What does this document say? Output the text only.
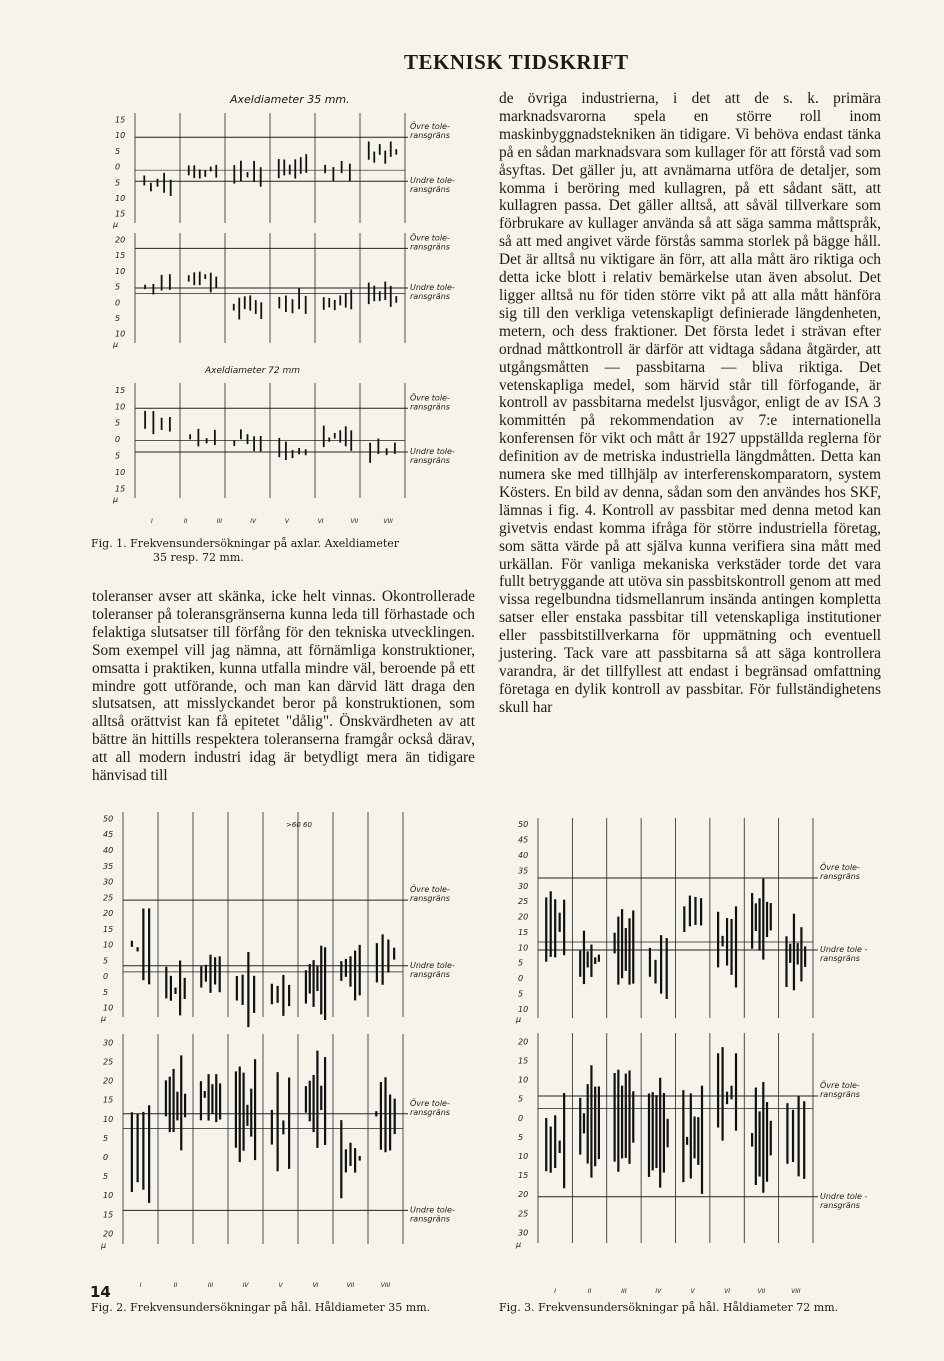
TEKNISK TIDSKRIFT
Axeldiameter 35 mm.
Axeldiameter 72 mm
15
10
5
0
5
10
15
μ
Övre tole-
ransgräns
Undre tole-
ransgräns
20
15
10
5
0
5
10
μ
Övre tole-
ransgräns
Undre tole-
ransgräns
15
10
5
0
5
10
15
μ
Övre tole-
ransgräns
Undre tole-
ransgräns
I	II	III	IV	V	VI	VII	VIII
Fig. 1. Frekvensundersökningar på axlar. Axeldiameter
35 resp. 72 mm.

de övriga industrierna, i det att de s. k. primära marknadsvarorna spela en större roll inom maskinbyggnadstekniken än tidigare. Vi behöva endast tänka på en sådan marknadsvara som kullager för att förstå vad som åsyftas. Det gäller ju, att avnämarna utföra de detaljer, som komma i beröring med kullagren, på ett sådant sätt, att kullagren passa. Det gäller alltså, att såväl tillverkare som förbrukare av kullager använda så att säga samma måttspråk, så att med angivet värde förstås samma storlek på bägge håll. Det är alltså nu viktigare än förr, att alla mått äro riktiga och detta icke blott i relativ bemärkelse utan även absolut. Det ligger alltså nu för tiden större vikt på att alla mått hänföra sig till den verkliga vetenskapligt definierade längdenheten, metern, och dess fraktioner. Det första ledet i strävan efter ordnad måttkontroll är därför att vidtaga sådana åtgärder, att utgångsmåtten — passbitarna — bliva riktiga. Det vetenskapliga medel, som härvid står till förfogande, är kontroll av passbitarna medelst ljusvågor, enligt de av ISA 3 kommittén på rekommendation av 7:e internationella konferensen för vikt och mått år 1927 uppställda reglerna för definition av de metriska industriella längdmåtten. Detta kan numera ske med tillhjälp av interferenskomparatorn, system Kösters. En bild av denna, sådan som den användes hos SKF, lämnas i fig. 4. Kontroll av passbitar med denna metod kan givetvis endast komma ifråga för större industriella företag, som sätta värde på att själva kunna verifiera sina mått med urkällan. För vanliga mekaniska verkstäder torde det vara fullt betryggande att utöva sin passbitskontroll genom att med vissa regelbundna tidsmellanrum insända antingen kompletta satser eller enstaka passbitar till vetenskapliga institutioner eller passbitstillverkarna för uppmätning och eventuell justering. Tack vare att passbitarna så att säga kontrollera varandra, är det tillfyllest att endast i begränsad omfattning företaga en dylik kontroll av passbitar. För fullständighetens skull har

toleranser avser att skänka, icke helt vinnas. Okontrollerade toleranser på toleransgränserna kunna leda till förhastade och felaktiga slutsatser till förfång för den tekniska utvecklingen. Som exempel vill jag nämna, att förnämliga konstruktioner, omsatta i praktiken, kunna utfalla mindre väl, beroende på ett mindre gott utförande, och man kan därvid lätt draga den slutsatsen, att misslyckandet beror på konstruktionen, som alltså orättvist kan få epitetet "dålig". Önskvärdheten av att bättre än hittills respektera toleranserna framgår också därav, att all modern industri idag är betydligt mera än tidigare hänvisad till

50
45
40
35
30
25
20
15
10
5
0
5
10
μ
Övre tole-
ransgräns
Undre tole-
ransgräns
30
25
20
15
10
5
0
5
10
15
20
μ
Övre tole-
ransgräns
Undre tole-
ransgräns
I	II	III	IV	V	VI	VII	VIII
>60 60
Fig. 2. Frekvensundersökningar på hål. Håldiameter 35 mm.
50
45
40
35
30
25
20
15
10
5
0
5
10
μ
Övre tole-
ransgräns
Undre tole -
ransgräns
20
15
10
5
0
5
10
15
20
25
30
μ
Övre tole-
ransgräns
Undre tole -
ransgräns
I	II	III	IV	V	VI	VII	VIII
Fig. 3. Frekvensundersökningar på hål. Håldiameter 72 mm.
14
